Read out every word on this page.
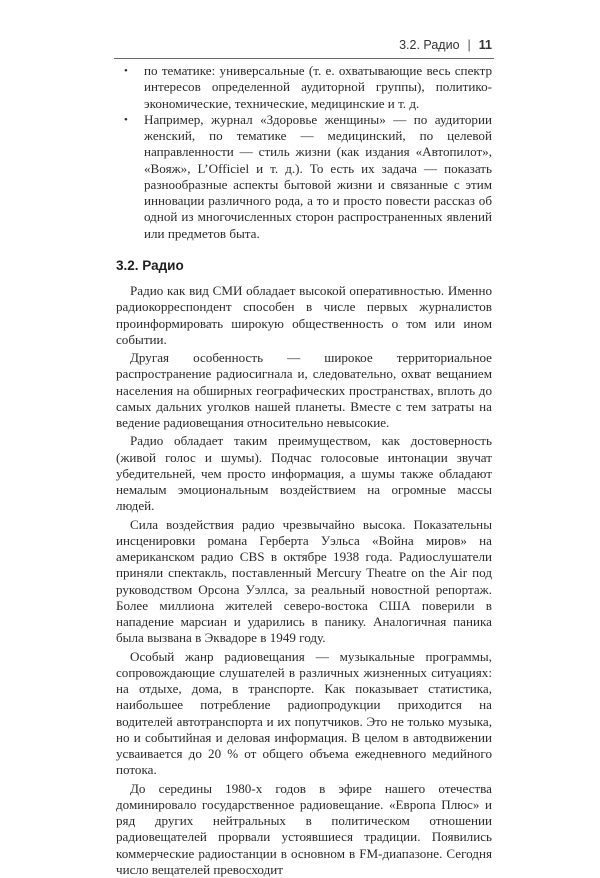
3.2. Радио | 11
• по тематике: универсальные (т. е. охватывающие весь спектр интересов определенной аудиторной группы), политико-экономические, технические, медицинские и т. д.
• Например, журнал «Здоровье женщины» — по аудитории женский, по тематике — медицинский, по целевой направленности — стиль жизни (как издания «Автопилот», «Вояж», L’Officiel и т. д.). То есть их задача — показать разнообразные аспекты бытовой жизни и связанные с этим инновации различного рода, а то и просто повести рассказ об одной из многочисленных сторон распространенных явлений или предметов быта.
3.2. Радио

Радио как вид СМИ обладает высокой оперативностью. Именно радиокорреспондент способен в числе первых журналистов проинформировать широкую общественность о том или ином событии.

Другая особенность — широкое территориальное распространение радиосигнала и, следовательно, охват вещанием населения на обширных географических пространствах, вплоть до самых дальних уголков нашей планеты. Вместе с тем затраты на ведение радиовещания относительно невысокие.

Радио обладает таким преимуществом, как достоверность (живой голос и шумы). Подчас голосовые интонации звучат убедительней, чем просто информация, а шумы также обладают немалым эмоциональным воздействием на огромные массы людей.

Сила воздействия радио чрезвычайно высока. Показательны инсценировки романа Герберта Уэльса «Война миров» на американском радио CBS в октябре 1938 года. Радиослушатели приняли спектакль, поставленный Mercury Theatre on the Air под руководством Орсона Уэллса, за реальный новостной репортаж. Более миллиона жителей северо-востока США поверили в нападение марсиан и ударились в панику. Аналогичная паника была вызвана в Эквадоре в 1949 году.

Особый жанр радиовещания — музыкальные программы, сопровождающие слушателей в различных жизненных ситуациях: на отдыхе, дома, в транспорте. Как показывает статистика, наибольшее потребление радиопродукции приходится на водителей автотранспорта и их попутчиков. Это не только музыка, но и событийная и деловая информация. В целом в автодвижении усваивается до 20 % от общего объема ежедневного медийного потока.

До середины 1980-х годов в эфире нашего отечества доминировало государственное радиовещание. «Европа Плюс» и ряд других нейтральных в политическом отношении радиовещателей прорвали устоявшиеся традиции. Появились коммерческие радиостанции в основном в FM-диапазоне. Сегодня число вещателей превосходит
